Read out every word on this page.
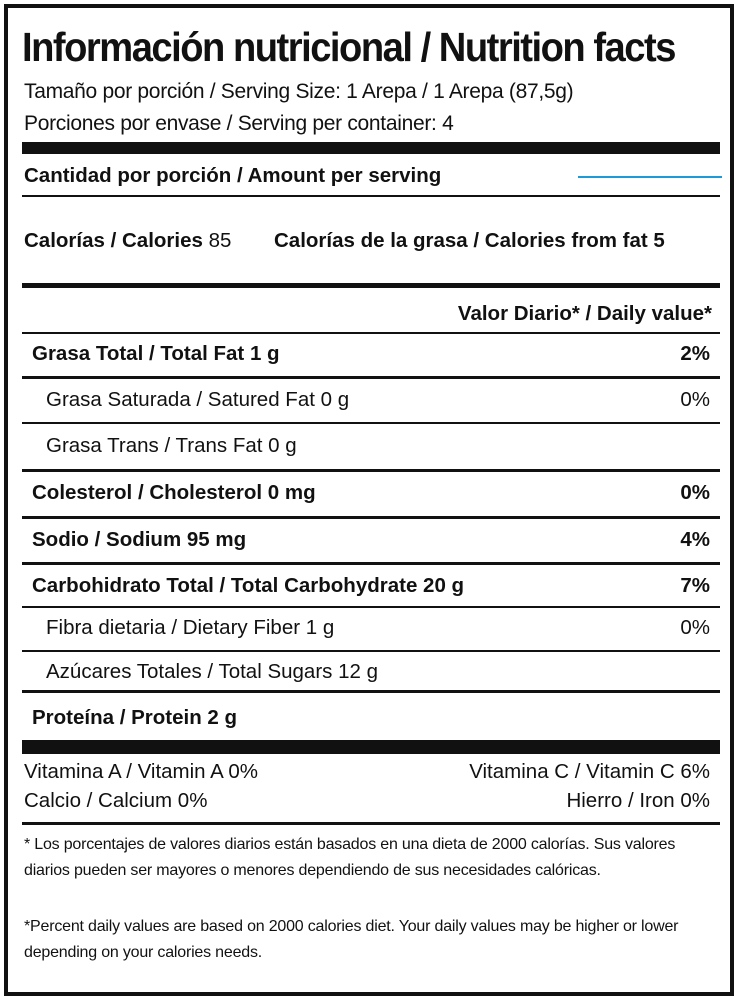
Información nutricional / Nutrition facts
Tamaño por porción / Serving Size: 1 Arepa / 1 Arepa (87,5g)
Porciones por envase / Serving per container: 4
Cantidad por porción / Amount per serving
Calorías / Calories 85 Calorías de la grasa / Calories from fat 5
Valor Diario* / Daily value*
Grasa Total / Total Fat 1 g	2%
Grasa Saturada / Satured Fat 0 g	0%
Grasa Trans / Trans Fat 0 g
Colesterol / Cholesterol 0 mg	0%
Sodio / Sodium 95 mg	4%
Carbohidrato Total / Total Carbohydrate 20 g	7%
Fibra dietaria / Dietary Fiber 1 g	0%
Azúcares Totales / Total Sugars 12 g
Proteína / Protein 2 g
Vitamina A / Vitamin A 0%	Vitamina C / Vitamin C 6%
Calcio / Calcium 0%	Hierro / Iron 0%
* Los porcentajes de valores diarios están basados en una dieta de 2000 calorías. Sus valores diarios pueden ser mayores o menores dependiendo de sus necesidades calóricas.
*Percent daily values are based on 2000 calories diet. Your daily values may be higher or lower depending on your calories needs.
